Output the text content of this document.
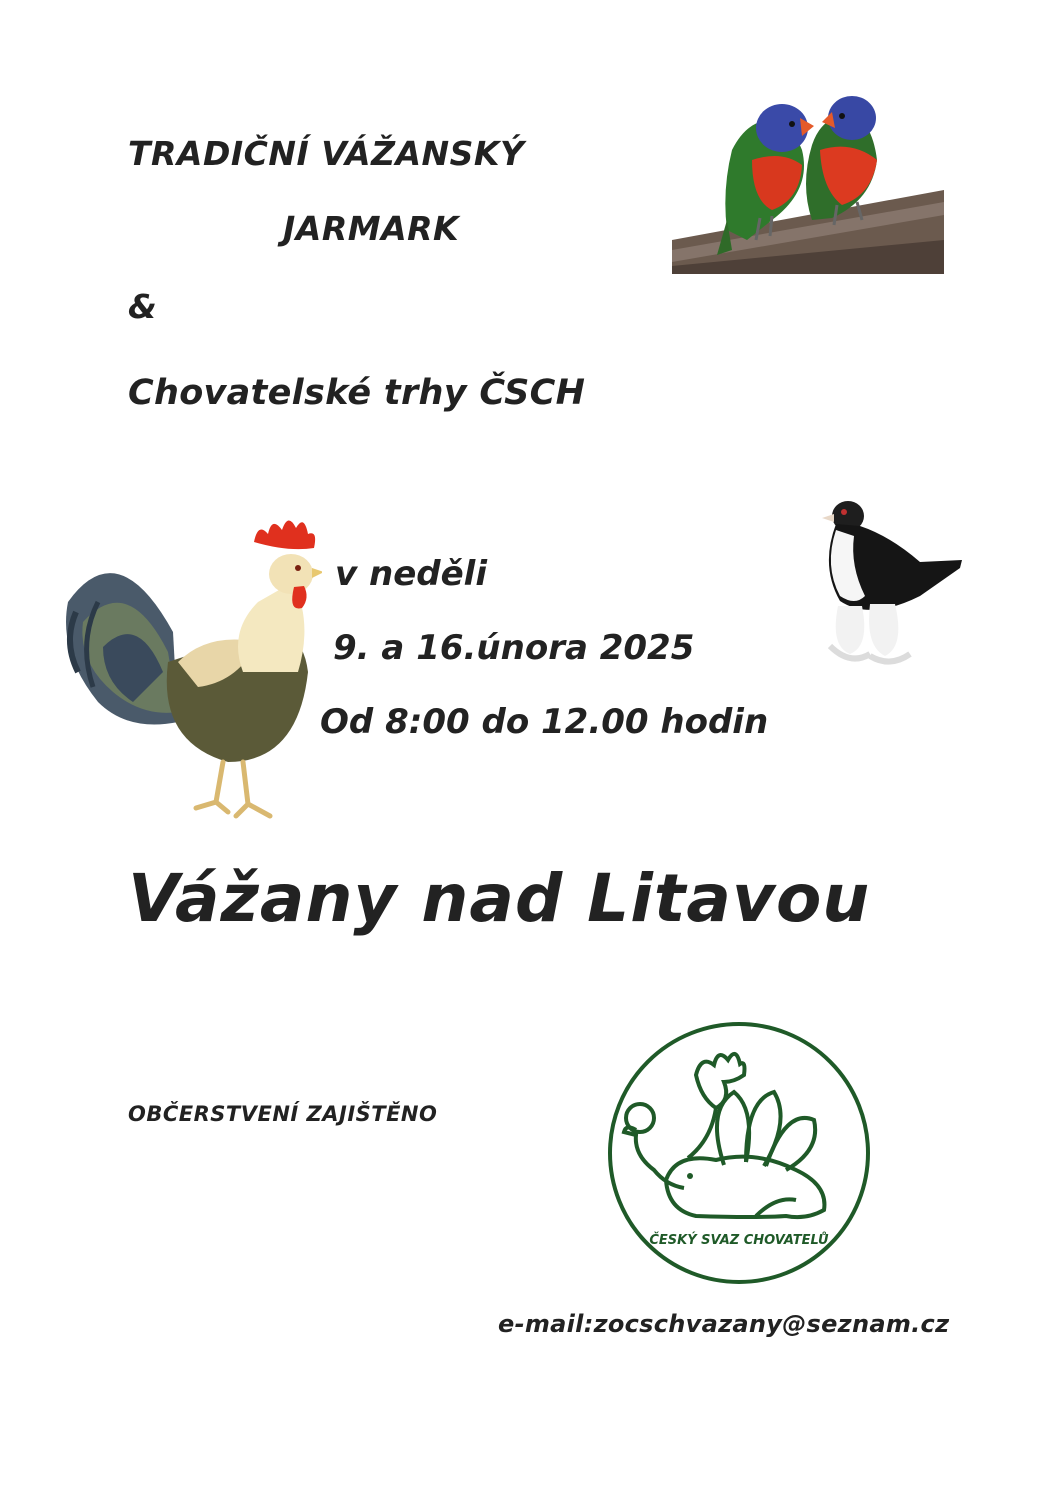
TRADIČNÍ VÁŽANSKÝ

JARMARK

&

Chovatelské trhy ČSCH

v neděli

9. a 16.února 2025

Od 8:00 do 12.00 hodin

Vážany nad Litavou

OBČERSTVENÍ ZAJIŠTĚNO

ČESKÝ SVAZ CHOVATELŮ

e-mail:zocschvazany@seznam.cz
